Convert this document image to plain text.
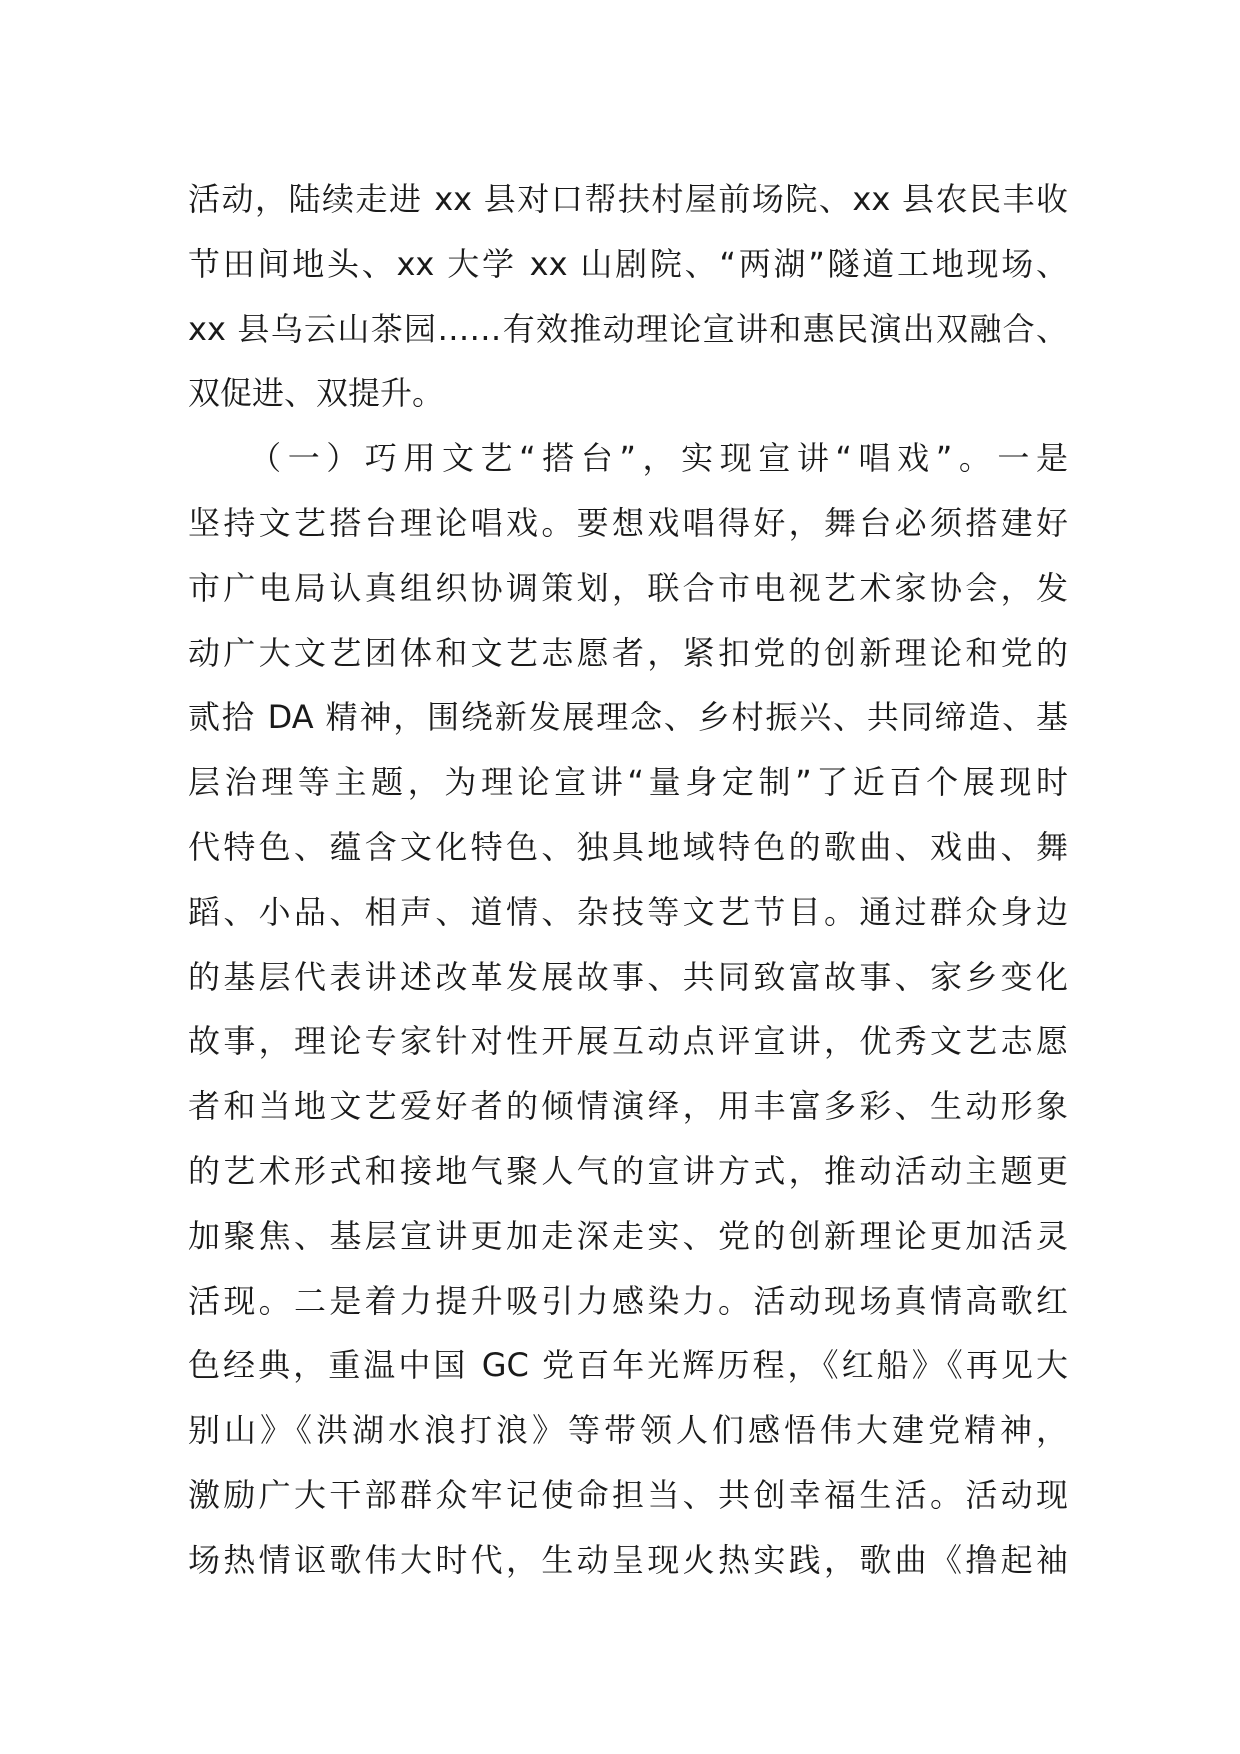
活动，陆续走进 xx 县对口帮扶村屋前场院、xx 县农民丰收
节田间地头、xx 大学 xx 山剧院、“两湖”隧道工地现场、
xx 县乌云山茶园……有效推动理论宣讲和惠民演出双融合、
双促进、双提升。
　　（一）巧用文艺“搭台”，实现宣讲“唱戏”。一是
坚持文艺搭台理论唱戏。要想戏唱得好，舞台必须搭建好
市广电局认真组织协调策划，联合市电视艺术家协会，发
动广大文艺团体和文艺志愿者，紧扣党的创新理论和党的
贰拾 DA 精神，围绕新发展理念、乡村振兴、共同缔造、基
层治理等主题，为理论宣讲“量身定制”了近百个展现时
代特色、蕴含文化特色、独具地域特色的歌曲、戏曲、舞
蹈、小品、相声、道情、杂技等文艺节目。通过群众身边
的基层代表讲述改革发展故事、共同致富故事、家乡变化
故事，理论专家针对性开展互动点评宣讲，优秀文艺志愿
者和当地文艺爱好者的倾情演绎，用丰富多彩、生动形象
的艺术形式和接地气聚人气的宣讲方式，推动活动主题更
加聚焦、基层宣讲更加走深走实、党的创新理论更加活灵
活现。二是着力提升吸引力感染力。活动现场真情高歌红
色经典，重温中国 GC 党百年光辉历程，《红船》《再见大
别山》《洪湖水浪打浪》等带领人们感悟伟大建党精神，
激励广大干部群众牢记使命担当、共创幸福生活。活动现
场热情讴歌伟大时代，生动呈现火热实践，歌曲《撸起袖
